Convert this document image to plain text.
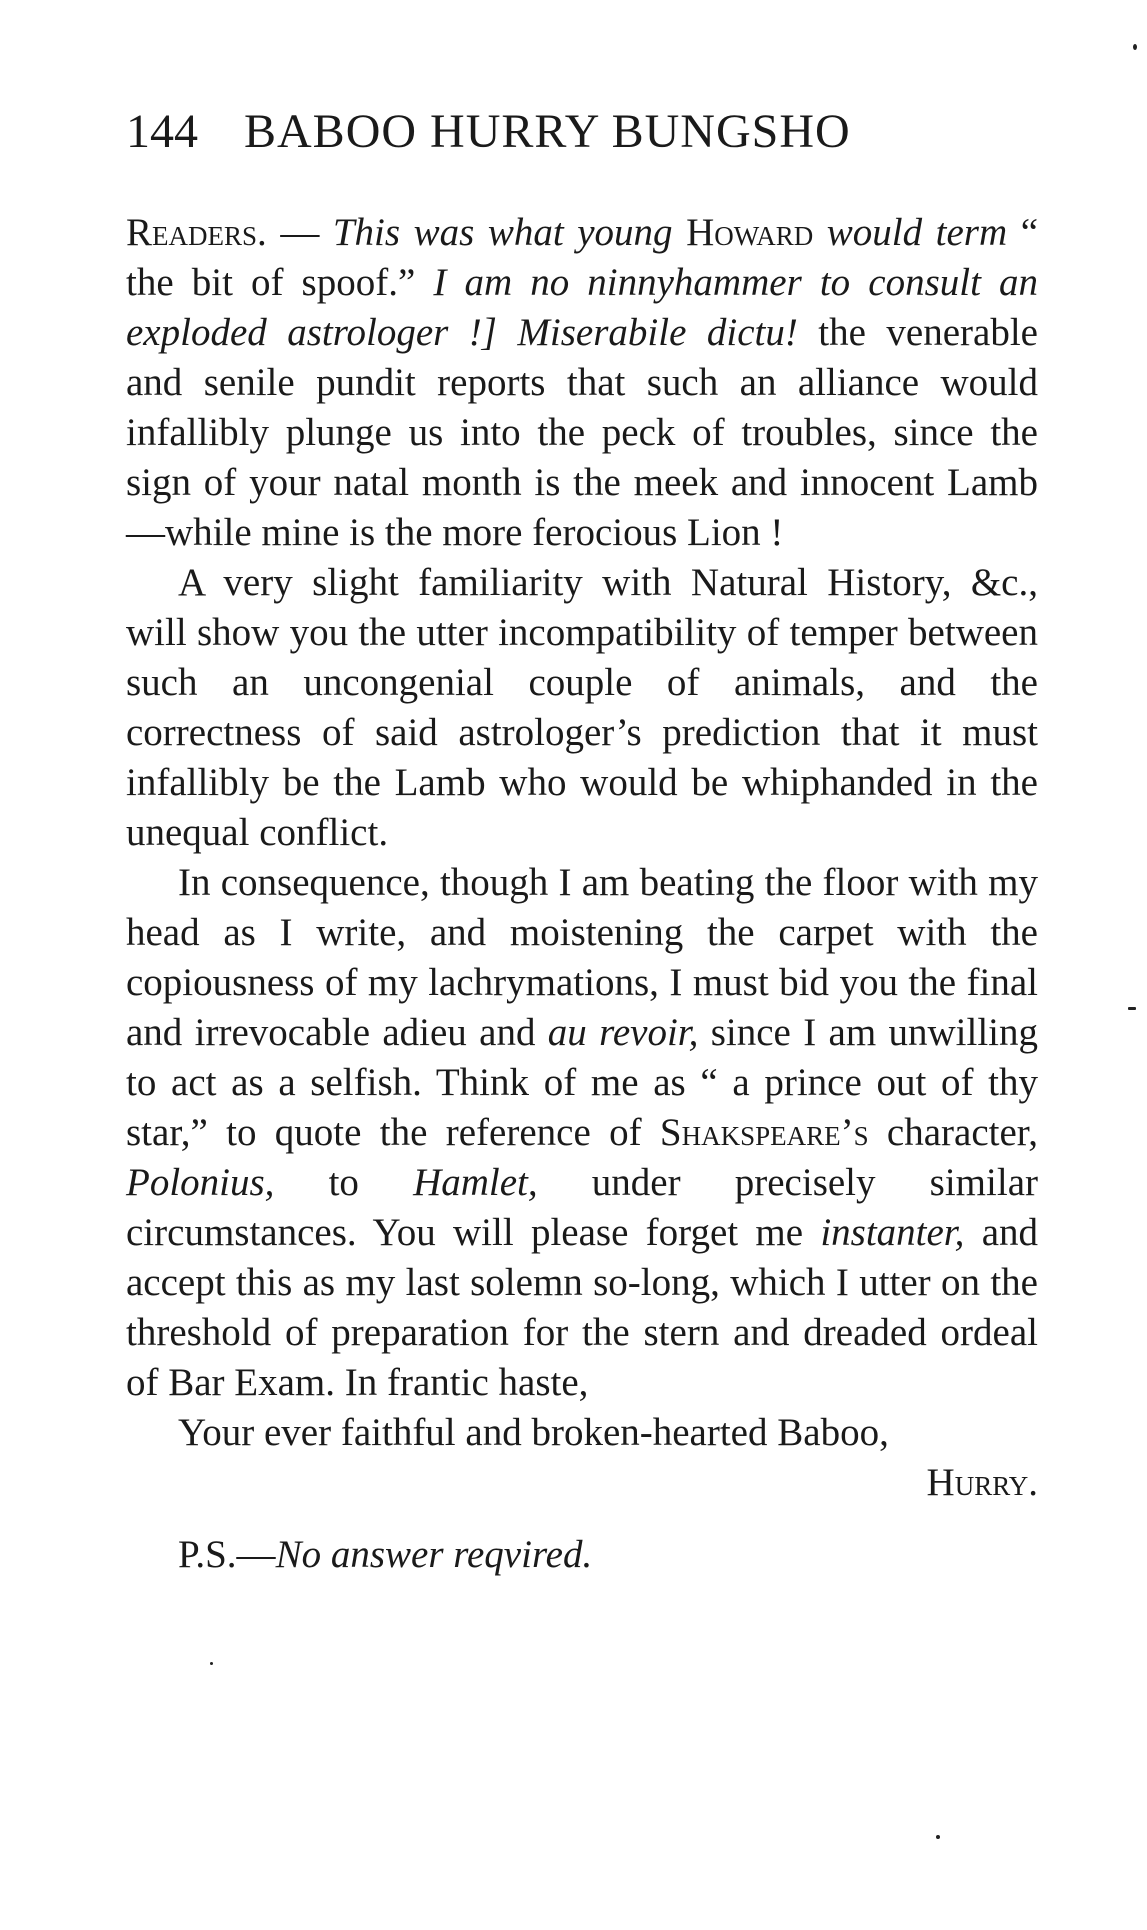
144 BABOO HURRY BUNGSHO

Readers. — This was what young Howard would term “ the bit of spoof.” I am no ninnyhammer to consult an exploded astrologer !] Miserabile dictu! the venerable and senile pundit reports that such an alliance would infallibly plunge us into the peck of troubles, since the sign of your natal month is the meek and innocent Lamb—while mine is the more ferocious Lion !

A very slight familiarity with Natural History, &c., will show you the utter incompatibility of temper between such an uncongenial couple of animals, and the correctness of said astrologer’s prediction that it must infallibly be the Lamb who would be whiphanded in the unequal conflict.

In consequence, though I am beating the floor with my head as I write, and moistening the carpet with the copiousness of my lachrymations, I must bid you the final and irrevocable adieu and au revoir, since I am unwilling to act as a selfish. Think of me as “ a prince out of thy star,” to quote the reference of Shakspeare’s character, Polonius, to Hamlet, under precisely similar circumstances. You will please forget me instanter, and accept this as my last solemn so-long, which I utter on the threshold of preparation for the stern and dreaded ordeal of Bar Exam. In frantic haste,

Your ever faithful and broken-hearted Baboo,

Hurry.

P.S.—No answer reqvired.
